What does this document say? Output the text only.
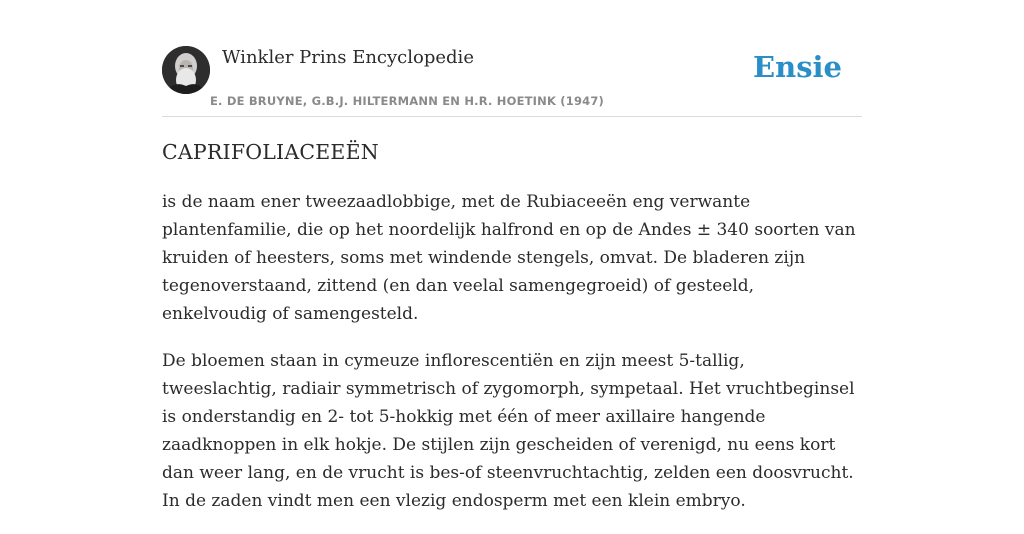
Winkler Prins Encyclopedie
E. DE BRUYNE, G.B.J. HILTERMANN EN H.R. HOETINK (1947)
Ensie
CAPRIFOLIACEEËN

is de naam ener tweezaadlobbige, met de Rubiaceeën eng verwante plantenfamilie, die op het noordelijk halfrond en op de Andes ± 340 soorten van kruiden of heesters, soms met windende stengels, omvat. De bladeren zijn tegenoverstaand, zittend (en dan veelal samengegroeid) of gesteeld, enkelvoudig of samengesteld.

De bloemen staan in cymeuze inflorescentiën en zijn meest 5-tallig, tweeslachtig, radiair symmetrisch of zygomorph, sympetaal. Het vruchtbeginsel is onderstandig en 2- tot 5-hokkig met één of meer axillaire hangende zaadknoppen in elk hokje. De stijlen zijn gescheiden of verenigd, nu eens kort dan weer lang, en de vrucht is bes-of steenvruchtachtig, zelden een doosvrucht. In de zaden vindt men een vlezig endosperm met een klein embryo.
